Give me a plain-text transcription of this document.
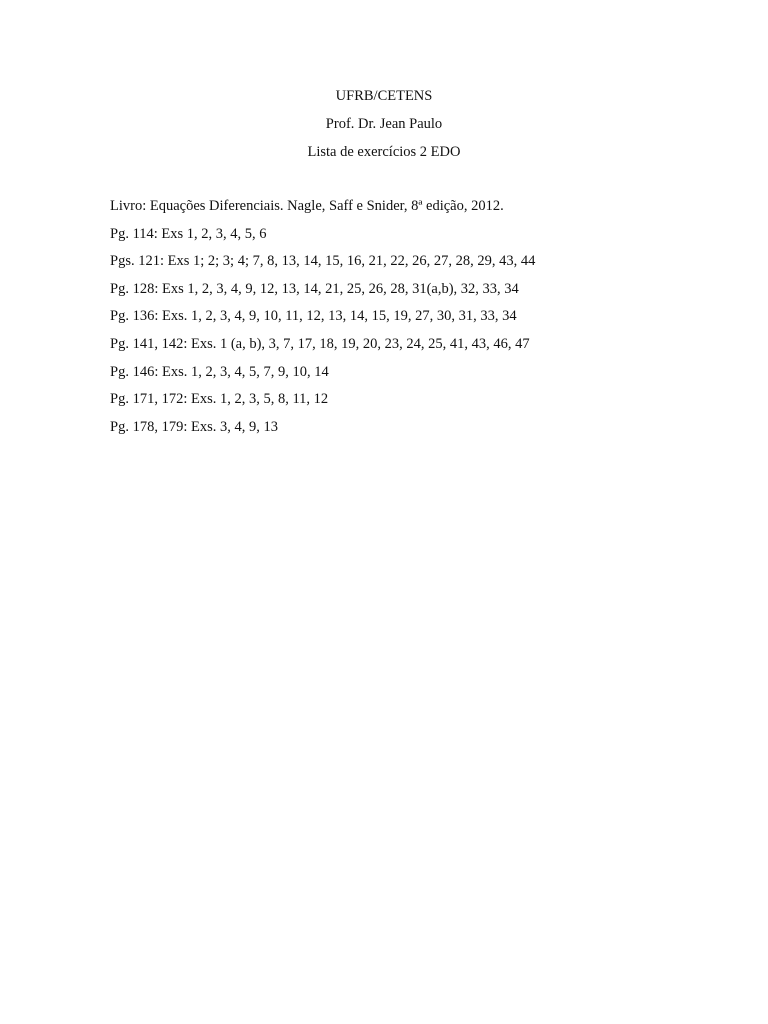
UFRB/CETENS
Prof. Dr. Jean Paulo
Lista de exercícios 2 EDO
Livro: Equações Diferenciais. Nagle, Saff e Snider, 8ª edição, 2012.
Pg. 114: Exs 1, 2, 3, 4, 5, 6
Pgs. 121: Exs 1; 2; 3; 4; 7, 8, 13, 14, 15, 16, 21, 22, 26, 27, 28, 29, 43, 44
Pg. 128: Exs 1, 2, 3, 4, 9, 12, 13, 14, 21, 25, 26, 28, 31(a,b), 32, 33, 34
Pg. 136: Exs. 1, 2, 3, 4, 9, 10, 11, 12, 13, 14, 15, 19, 27, 30, 31, 33, 34
Pg. 141, 142: Exs. 1 (a, b), 3, 7, 17, 18, 19, 20, 23, 24, 25, 41, 43, 46, 47
Pg. 146: Exs. 1, 2, 3, 4, 5, 7, 9, 10, 14
Pg. 171, 172: Exs. 1, 2, 3, 5, 8, 11, 12
Pg. 178, 179: Exs. 3, 4, 9, 13
